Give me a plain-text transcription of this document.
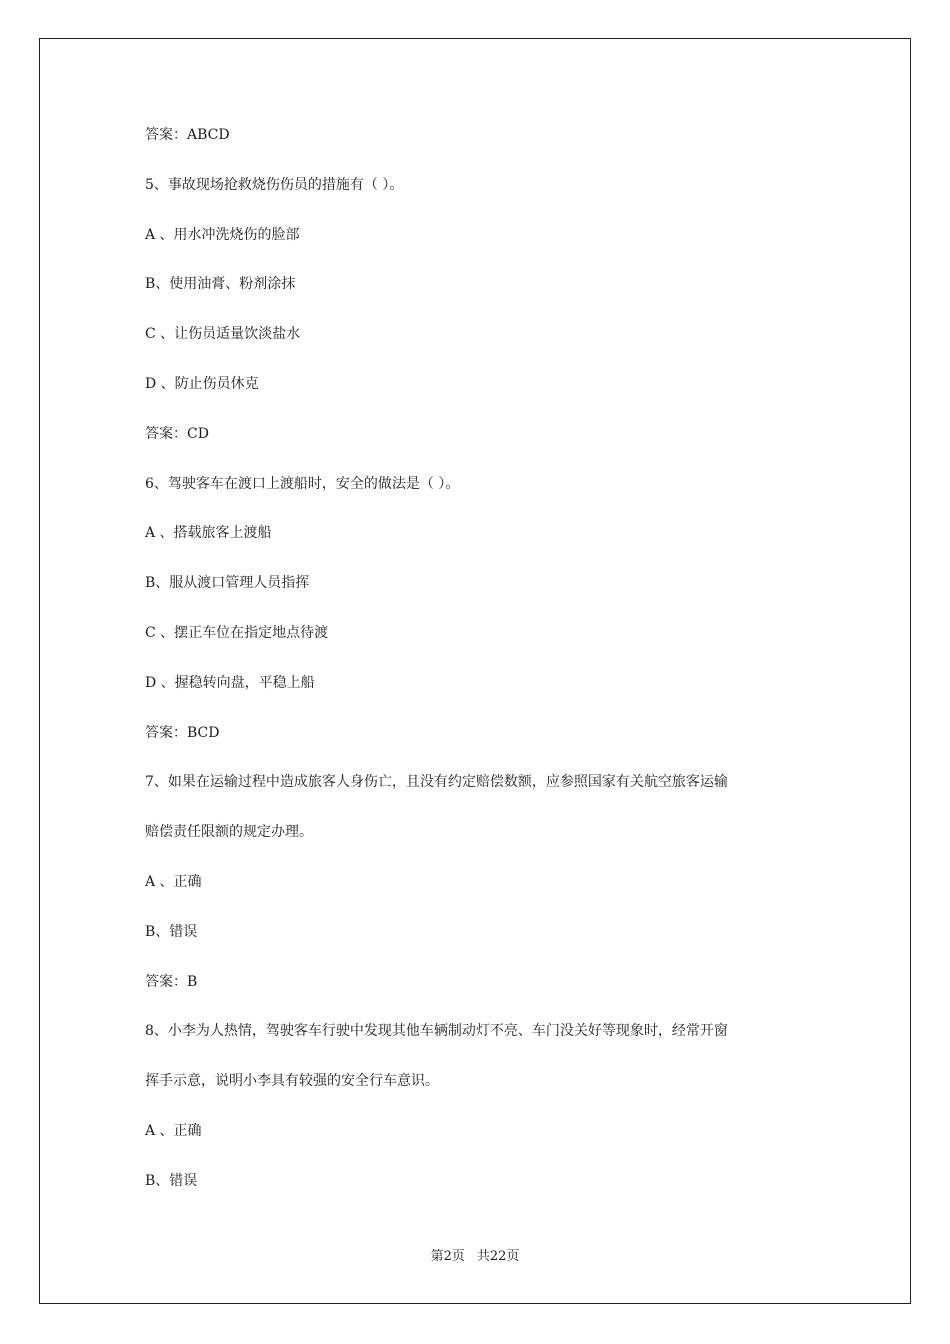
答案：ABCD
5、事故现场抢救烧伤伤员的措施有（ ）。
A 、用水冲洗烧伤的脸部
B、使用油膏、粉剂涂抹
C 、让伤员适量饮淡盐水
D 、防止伤员休克
答案：CD
6、驾驶客车在渡口上渡船时，安全的做法是（ ）。
A 、搭载旅客上渡船
B、服从渡口管理人员指挥
C 、摆正车位在指定地点待渡
D 、握稳转向盘，平稳上船
答案：BCD
7、如果在运输过程中造成旅客人身伤亡，且没有约定赔偿数额，应参照国家有关航空旅客运输
赔偿责任限额的规定办理。
A 、正确
B、错误
答案：B
8、小李为人热情，驾驶客车行驶中发现其他车辆制动灯不亮、车门没关好等现象时，经常开窗
挥手示意，说明小李具有较强的安全行车意识。
A 、正确
B、错误
第2页 共22页
